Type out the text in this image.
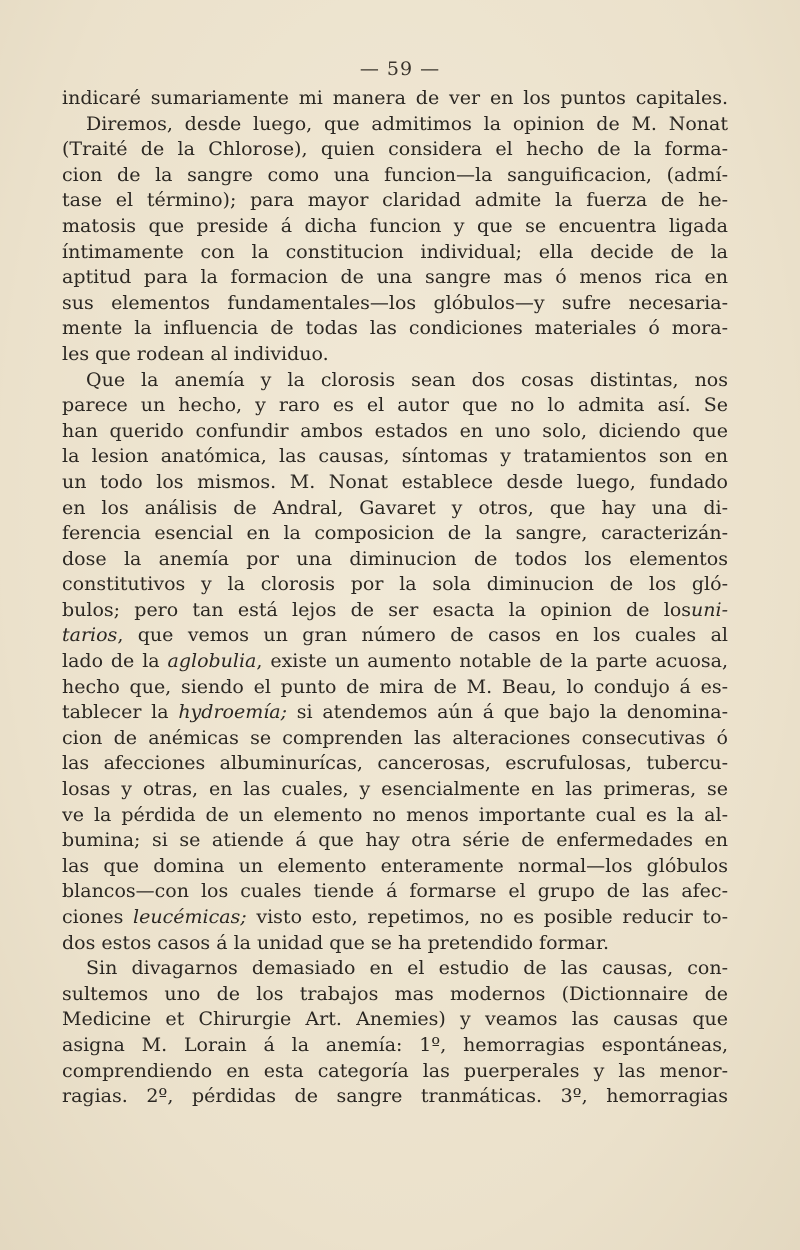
— 59 —
indicaré sumariamente mi manera de ver en los puntos capitales.
Diremos, desde luego, que admitimos la opinion de M. Nonat
(Traité de la Chlorose), quien considera el hecho de la forma-
cion de la sangre como una funcion—la sanguificacion, (admí-
tase el término); para mayor claridad admite la fuerza de he-
matosis que preside á dicha funcion y que se encuentra ligada
íntimamente con la constitucion individual; ella decide de la
aptitud para la formacion de una sangre mas ó menos rica en
sus elementos fundamentales—los glóbulos—y sufre necesaria-
mente la influencia de todas las condiciones materiales ó mora-
les que rodean al individuo.
Que la anemía y la clorosis sean dos cosas distintas, nos
parece un hecho, y raro es el autor que no lo admita así. Se
han querido confundir ambos estados en uno solo, diciendo que
la lesion anatómica, las causas, síntomas y tratamientos son en
un todo los mismos. M. Nonat establece desde luego, fundado
en los análisis de Andral, Gavaret y otros, que hay una di-
ferencia esencial en la composicion de la sangre, caracterizán-
dose la anemía por una diminucion de todos los elementos
constitutivos y la clorosis por la sola diminucion de los gló-
bulos; pero tan está lejos de ser esacta la opinion de losuni-
tarios, que vemos un gran número de casos en los cuales al
lado de la aglobulia, existe un aumento notable de la parte acuosa,
hecho que, siendo el punto de mira de M. Beau, lo condujo á es-
tablecer la hydroemía; si atendemos aún á que bajo la denomina-
cion de anémicas se comprenden las alteraciones consecutivas ó
las afecciones albuminurícas, cancerosas, escrufulosas, tubercu-
losas y otras, en las cuales, y esencialmente en las primeras, se
ve la pérdida de un elemento no menos importante cual es la al-
bumina; si se atiende á que hay otra série de enfermedades en
las que domina un elemento enteramente normal—los glóbulos
blancos—con los cuales tiende á formarse el grupo de las afec-
ciones leucémicas; visto esto, repetimos, no es posible reducir to-
dos estos casos á la unidad que se ha pretendido formar.
Sin divagarnos demasiado en el estudio de las causas, con-
sultemos uno de los trabajos mas modernos (Dictionnaire de
Medicine et Chirurgie Art. Anemies) y veamos las causas que
asigna M. Lorain á la anemía: 1º, hemorragias espontáneas,
comprendiendo en esta categoría las puerperales y las menor-
ragias. 2º, pérdidas de sangre tranmáticas. 3º, hemorragias
